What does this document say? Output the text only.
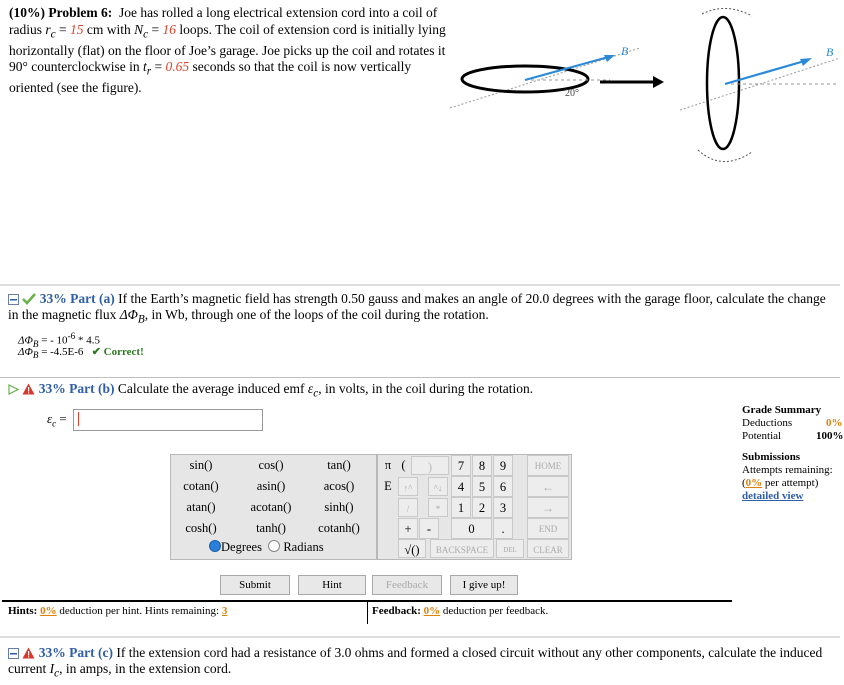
(10%) Problem 6: Joe has rolled a long electrical extension cord into a coil of radius $r_c = 15$ cm with $N_c = 16$ loops. The coil of extension cord is initially lying horizontally (flat) on the floor of Joe’s garage. Joe picks up the coil and rotates it 90° counterclockwise in $t_r = 0.65$ seconds so that the coil is now vertically oriented (see the figure).
B
20°
B
33% Part (a) If the Earth’s magnetic field has strength 0.50 gauss and makes an angle of 20.0 degrees with the garage floor, calculate the change in the magnetic flux $\Delta\Phi_B$, in Wb, through one of the loops of the coil during the rotation.
$\Delta\Phi_B$ = - $10^{-6} * 4.5$
$\Delta\Phi_B = -4.5E-6$ ✔ Correct!
33% Part (b) Calculate the average induced emf $\varepsilon_c$, in volts, in the coil during the rotation.
$\varepsilon_c$ =
sin()	cos()	tan()
cotan()	asin()	acos()
atan()	acotan()	sinh()
cosh()	tanh()	cotanh()
Degrees Radians
π (	)	7	8	9	HOME
E	↑^	^↓	4	5	6	←
/	*	1	2	3	→
+	-	0	.	END
√()	BACKSPACE	DEL	CLEAR
Submit	Hint	Feedback	I give up!
Grade Summary
Deductions	0%
Potential	100%
Submissions
Attempts remaining:
(0% per attempt)
detailed view
Hints: 0% deduction per hint. Hints remaining: 3	Feedback: 0% deduction per feedback.
33% Part (c) If the extension cord had a resistance of 3.0 ohms and formed a closed circuit without any other components, calculate the induced current $I_c$, in amps, in the extension cord.
